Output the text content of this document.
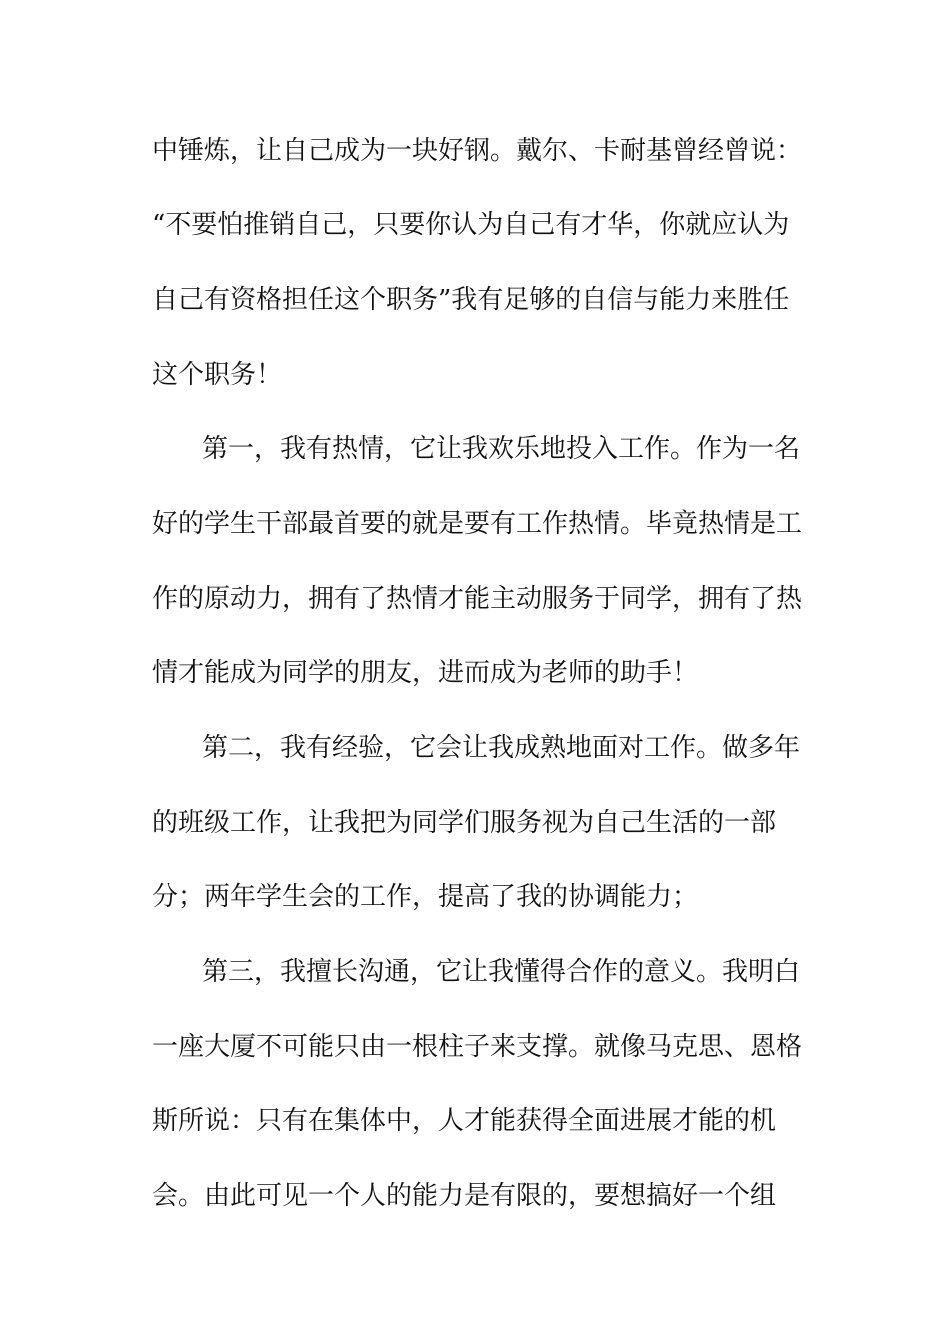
中锤炼，让自己成为一块好钢。戴尔、卡耐基曾经曾说：
“不要怕推销自己，只要你认为自己有才华，你就应认为
自己有资格担任这个职务”我有足够的自信与能力来胜任
这个职务！
第一，我有热情，它让我欢乐地投入工作。作为一名
好的学生干部最首要的就是要有工作热情。毕竟热情是工
作的原动力，拥有了热情才能主动服务于同学，拥有了热
情才能成为同学的朋友，进而成为老师的助手！
第二，我有经验，它会让我成熟地面对工作。做多年
的班级工作，让我把为同学们服务视为自己生活的一部
分；两年学生会的工作，提高了我的协调能力；
第三，我擅长沟通，它让我懂得合作的意义。我明白
一座大厦不可能只由一根柱子来支撑。就像马克思、恩格
斯所说：只有在集体中，人才能获得全面进展才能的机
会。由此可见一个人的能力是有限的，要想搞好一个组
